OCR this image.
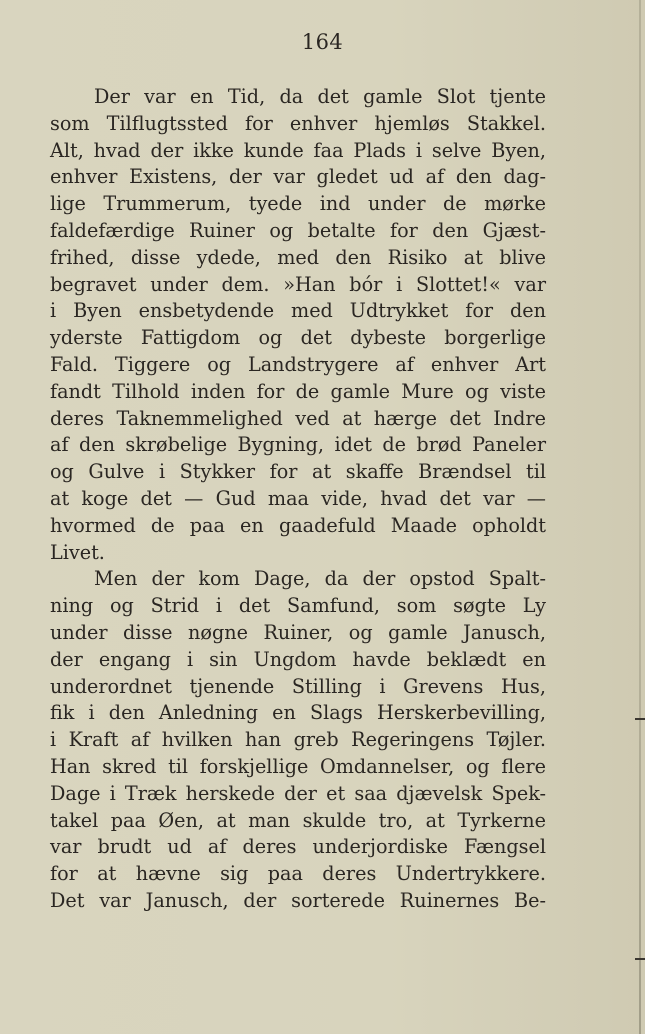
164
Der var en Tid, da det gamle Slot tjente
som Tilflugtssted for enhver hjemløs Stakkel.
Alt, hvad der ikke kunde faa Plads i selve Byen,
enhver Existens, der var gledet ud af den dag-
lige Trummerum, tyede ind under de mørke
faldefærdige Ruiner og betalte for den Gjæst-
frihed, disse ydede, med den Risiko at blive
begravet under dem. »Han bór i Slottet!« var
i Byen ensbetydende med Udtrykket for den
yderste Fattigdom og det dybeste borgerlige
Fald. Tiggere og Landstrygere af enhver Art
fandt Tilhold inden for de gamle Mure og viste
deres Taknemmelighed ved at hærge det Indre
af den skrøbelige Bygning, idet de brød Paneler
og Gulve i Stykker for at skaffe Brændsel til
at koge det — Gud maa vide, hvad det var —
hvormed de paa en gaadefuld Maade opholdt
Livet.
Men der kom Dage, da der opstod Spalt-
ning og Strid i det Samfund, som søgte Ly
under disse nøgne Ruiner, og gamle Janusch,
der engang i sin Ungdom havde beklædt en
underordnet tjenende Stilling i Grevens Hus,
fik i den Anledning en Slags Herskerbevilling,
i Kraft af hvilken han greb Regeringens Tøjler.
Han skred til forskjellige Omdannelser, og flere
Dage i Træk herskede der et saa djævelsk Spek-
takel paa Øen, at man skulde tro, at Tyrkerne
var brudt ud af deres underjordiske Fængsel
for at hævne sig paa deres Undertrykkere.
Det var Janusch, der sorterede Ruinernes Be-
